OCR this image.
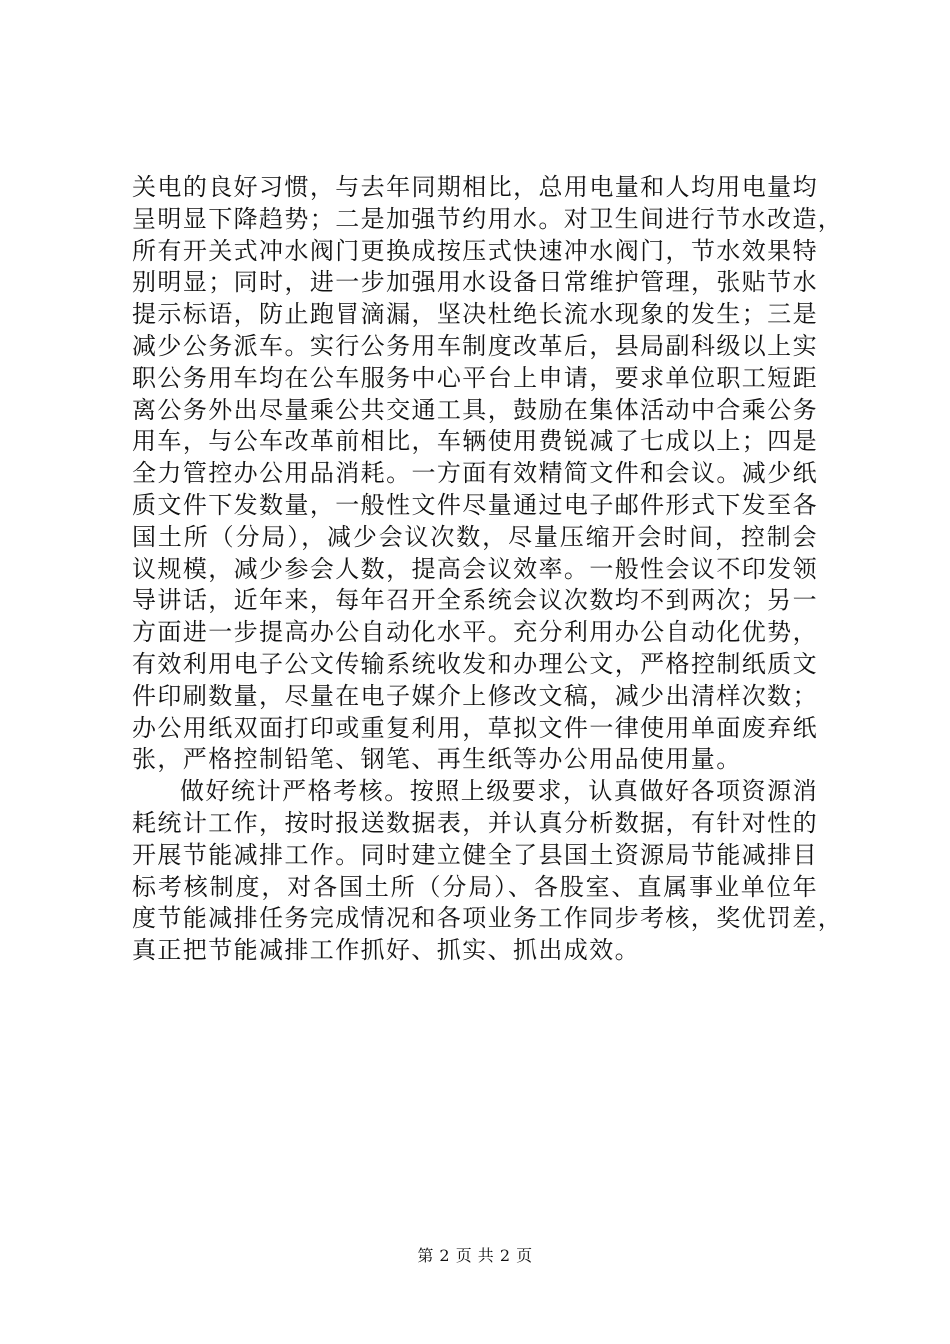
关电的良好习惯，与去年同期相比，总用电量和人均用电量均
呈明显下降趋势；二是加强节约用水。对卫生间进行节水改造，
所有开关式冲水阀门更换成按压式快速冲水阀门，节水效果特
别明显；同时，进一步加强用水设备日常维护管理，张贴节水
提示标语，防止跑冒滴漏，坚决杜绝长流水现象的发生；三是
减少公务派车。实行公务用车制度改革后，县局副科级以上实
职公务用车均在公车服务中心平台上申请，要求单位职工短距
离公务外出尽量乘公共交通工具，鼓励在集体活动中合乘公务
用车，与公车改革前相比，车辆使用费锐减了七成以上；四是
全力管控办公用品消耗。一方面有效精简文件和会议。减少纸
质文件下发数量，一般性文件尽量通过电子邮件形式下发至各
国土所（分局），减少会议次数，尽量压缩开会时间，控制会
议规模，减少参会人数，提高会议效率。一般性会议不印发领
导讲话，近年来，每年召开全系统会议次数均不到两次；另一
方面进一步提高办公自动化水平。充分利用办公自动化优势，
有效利用电子公文传输系统收发和办理公文，严格控制纸质文
件印刷数量，尽量在电子媒介上修改文稿，减少出清样次数；
办公用纸双面打印或重复利用，草拟文件一律使用单面废弃纸
张，严格控制铅笔、钢笔、再生纸等办公用品使用量。
做好统计严格考核。按照上级要求，认真做好各项资源消
耗统计工作，按时报送数据表，并认真分析数据，有针对性的
开展节能减排工作。同时建立健全了县国土资源局节能减排目
标考核制度，对各国土所（分局）、各股室、直属事业单位年
度节能减排任务完成情况和各项业务工作同步考核，奖优罚差，
真正把节能减排工作抓好、抓实、抓出成效。
第 2 页 共 2 页
